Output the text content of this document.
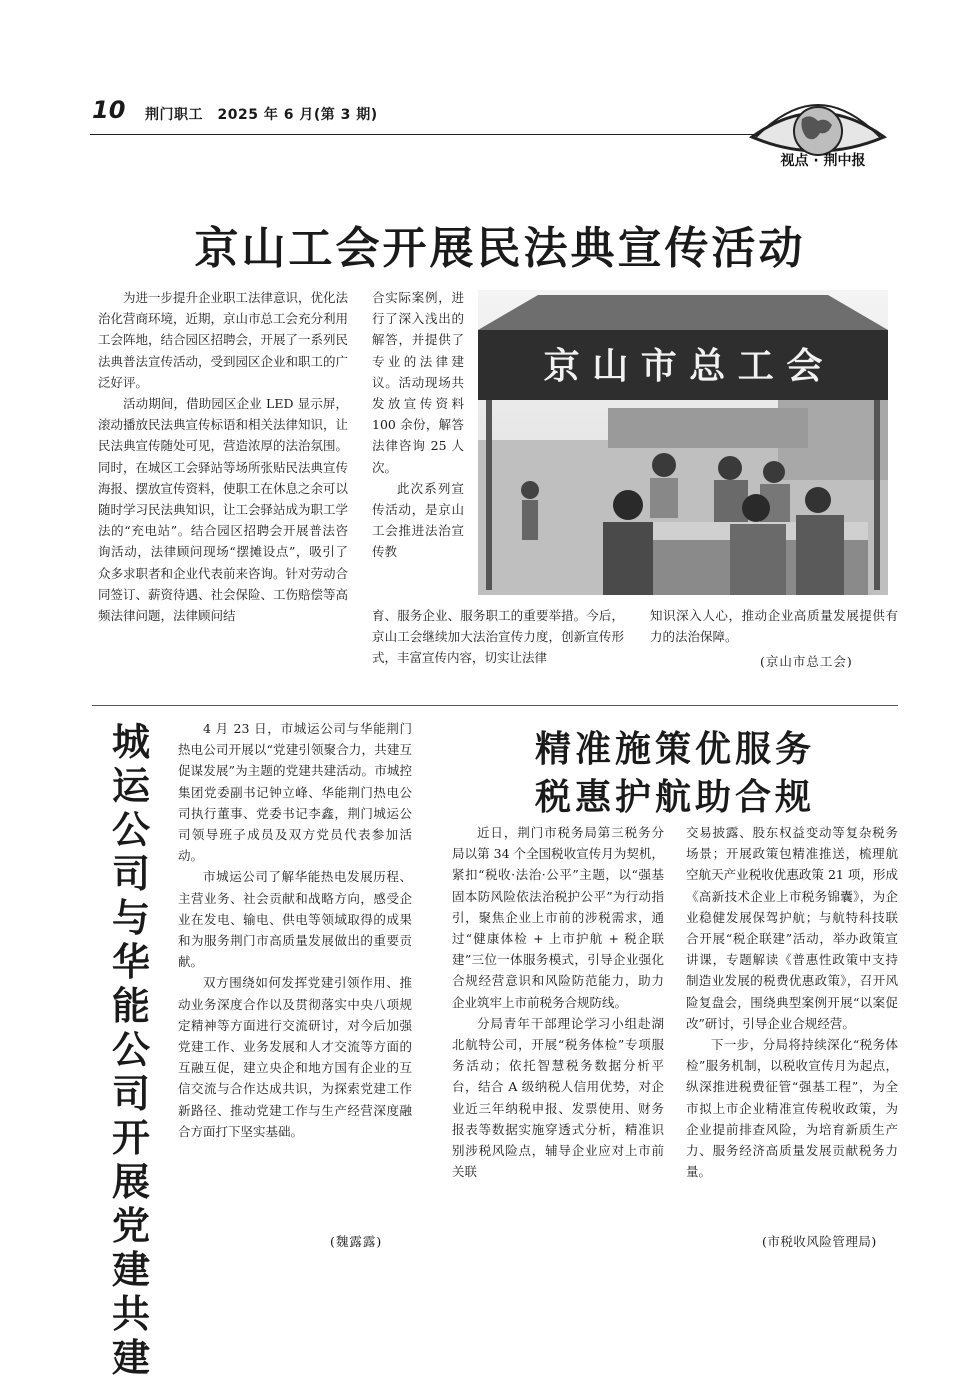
10 荆门职工　2025 年 6 月(第 3 期)
视点 · 荆中报
京山工会开展民法典宣传活动

为进一步提升企业职工法律意识，优化法治化营商环境，近期，京山市总工会充分利用工会阵地，结合园区招聘会，开展了一系列民法典普法宣传活动，受到园区企业和职工的广泛好评。

活动期间，借助园区企业 LED 显示屏，滚动播放民法典宣传标语和相关法律知识，让民法典宣传随处可见，营造浓厚的法治氛围。同时，在城区工会驿站等场所张贴民法典宣传海报、摆放宣传资料，使职工在休息之余可以随时学习民法典知识，让工会驿站成为职工学法的“充电站”。结合园区招聘会开展普法咨询活动，法律顾问现场“摆摊设点”，吸引了众多求职者和企业代表前来咨询。针对劳动合同签订、薪资待遇、社会保险、工伤赔偿等高频法律问题，法律顾问结

合实际案例，进行了深入浅出的解答，并提供了专业的法律建议。活动现场共发放宣传资料 100 余份，解答法律咨询 25 人次。

此次系列宣传活动，是京山工会推进法治宣传教

京 山 市 总 工 会

育、服务企业、服务职工的重要举措。今后，京山工会继续加大法治宣传力度，创新宣传形式，丰富宣传内容，切实让法律

知识深入人心，推动企业高质量发展提供有力的法治保障。

(京山市总工会)
城运公司与华能公司开展党建共建

4 月 23 日，市城运公司与华能荆门热电公司开展以“党建引领聚合力，共建互促谋发展”为主题的党建共建活动。市城控集团党委副书记钟立峰、华能荆门热电公司执行董事、党委书记李鑫，荆门城运公司领导班子成员及双方党员代表参加活动。

市城运公司了解华能热电发展历程、主营业务、社会贡献和战略方向，感受企业在发电、输电、供电等领域取得的成果和为服务荆门市高质量发展做出的重要贡献。

双方围绕如何发挥党建引领作用、推动业务深度合作以及贯彻落实中央八项规定精神等方面进行交流研讨，对今后加强党建工作、业务发展和人才交流等方面的互融互促，建立央企和地方国有企业的互信交流与合作达成共识，为探索党建工作新路径、推动党建工作与生产经营深度融合方面打下坚实基础。

(魏露露)
精准施策优服务
税惠护航助合规

近日，荆门市税务局第三税务分局以第 34 个全国税收宣传月为契机，紧扣“税收·法治·公平”主题，以“强基固本防风险依法治税护公平”为行动指引，聚焦企业上市前的涉税需求，通过“健康体检 + 上市护航 + 税企联建”三位一体服务模式，引导企业强化合规经营意识和风险防范能力，助力企业筑牢上市前税务合规防线。

分局青年干部理论学习小组赴湖北航特公司，开展“税务体检”专项服务活动；依托智慧税务数据分析平台，结合 A 级纳税人信用优势，对企业近三年纳税申报、发票使用、财务报表等数据实施穿透式分析，精准识别涉税风险点，辅导企业应对上市前关联

交易披露、股东权益变动等复杂税务场景；开展政策包精准推送，梳理航空航天产业税收优惠政策 21 项，形成《高新技术企业上市税务锦囊》，为企业稳健发展保驾护航；与航特科技联合开展“税企联建”活动，举办政策宣讲课，专题解读《普惠性政策中支持制造业发展的税费优惠政策》，召开风险复盘会，围绕典型案例开展“以案促改”研讨，引导企业合规经营。

下一步，分局将持续深化“税务体检”服务机制，以税收宣传月为起点，纵深推进税费征管“强基工程”，为全市拟上市企业精准宣传税收政策，为企业提前排查风险，为培育新质生产力、服务经济高质量发展贡献税务力量。

(市税收风险管理局)
